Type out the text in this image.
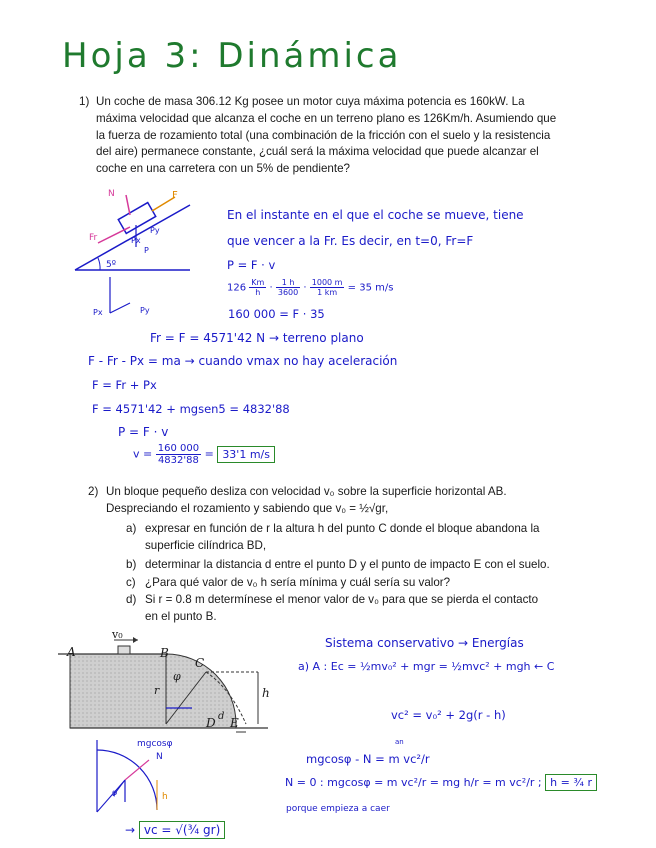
Hoja 3: Dinámica
1) Un coche de masa 306.12 Kg posee un motor cuya máxima potencia es 160kW. La máxima velocidad que alcanza el coche en un terreno plano es 126Km/h. Asumiendo que la fuerza de rozamiento total (una combinación de la fricción con el suelo y la resistencia del aire) permanece constante, ¿cuál será la máxima velocidad que puede alcanzar el coche en una carretera con un 5% de pendiente?
N	F
Fr
Py
Px
P
5º
Px	Py
En el instante en el que el coche se mueve, tiene
que vencer a la Fr. Es decir, en t=0, Fr=F
P = F · v
$126 \frac{Km}{h} \cdot \frac{1 h}{3600} \cdot \frac{1000 m}{1 km} = 35$ m/s
160 000 = F · 35
Fr = F = 4571'42 N → terreno plano
F - Fr - Px = ma → cuando vmax no hay aceleración
F = Fr + Px
F = 4571'42 + mgsen5 = 4832'88
P = F · v
$v = \frac{160 000}{4832'88} = 33'1$ m/s
2) Un bloque pequeño desliza con velocidad v₀ sobre la superficie horizontal AB.
Despreciando el rozamiento y sabiendo que v₀ = ½√gr,
a) expresar en función de r la altura h del punto C donde el bloque abandona la superficie cilíndrica BD,
b) determinar la distancia d entre el punto D y el punto de impacto E con el suelo.
c) ¿Para qué valor de v₀ h sería mínima y cuál sería su valor?
d) Si r = 0.8 m determínese el menor valor de v₀ para que se pierda el contacto en el punto B.
v₀
A	B
C
r
φ
h
d
D E
Sistema conservativo → Energías
a) A : Ec = ½mv₀² + mgr = ½mvc² + mgh ← C
vc² = v₀² + 2g(r - h)
an
mgcosφ - N = m vc²/r
N = 0 : mgcosφ = m vc²/r = mg h/r = m vc²/r ; h = ¾ r
porque empieza a caer
mgcosφ
N
φ	h
→ vc = √(¾ gr)
